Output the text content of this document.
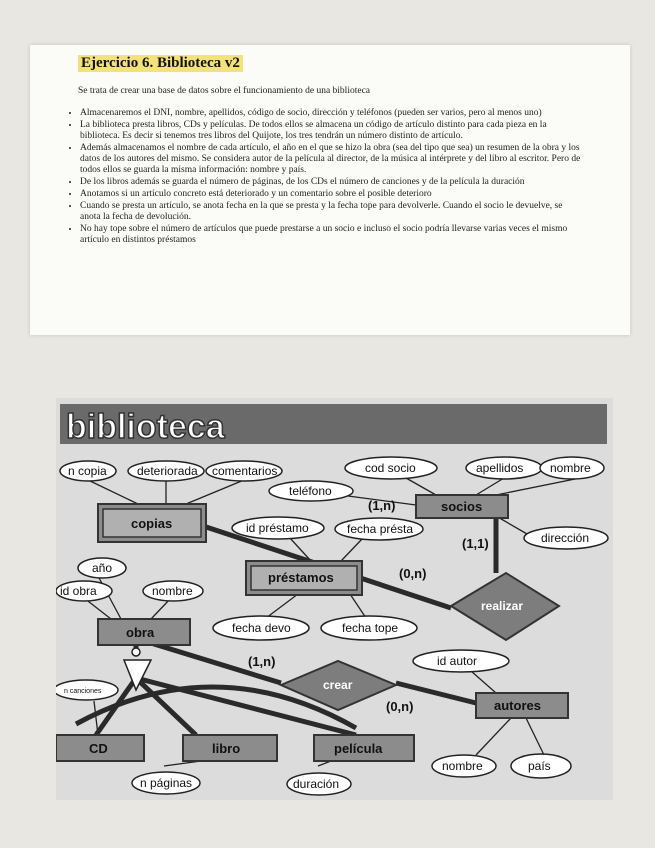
Ejercicio 6. Biblioteca v2
Se trata de crear una base de datos sobre el funcionamiento de una biblioteca
• Almacenaremos el DNI, nombre, apellidos, código de socio, dirección y teléfonos (pueden ser varios, pero al menos uno)
• La biblioteca presta libros, CDs y películas. De todos ellos se almacena un código de artículo distinto para cada pieza en la biblioteca. Es decir si tenemos tres libros del Quijote, los tres tendrán un número distinto de artículo.
• Además almacenamos el nombre de cada artículo, el año en el que se hizo la obra (sea del tipo que sea) un resumen de la obra y los datos de los autores del mismo. Se considera autor de la película al director, de la música al intérprete y del libro al escritor. Pero de todos ellos se guarda la misma información: nombre y país.
• De los libros además se guarda el número de páginas, de los CDs el número de canciones y de la película la duración
• Anotamos si un artículo concreto está deteriorado y un comentario sobre el posible deterioro
• Cuando se presta un artículo, se anota fecha en la que se presta y la fecha tope para devolverle. Cuando el socio le devuelve, se anota la fecha de devolución.
• No hay tope sobre el número de artículos que puede prestarse a un socio e incluso el socio podría llevarse varias veces el mismo artículo en distintos préstamos
biblioteca
realizar
crear
copias
socios
préstamos
obra
autores
CD	libro	película
n copia	deteriorada comentarios	cod socio	apellidos nombre
teléfono
dirección
id préstamo	fecha présta
fecha devo	fecha tope
año
id obra	nombre
id autor
nombre	país
n canciones
n páginas	duración
(1,n)
(1,1)
(0,n)
(1,n)
(0,n)
